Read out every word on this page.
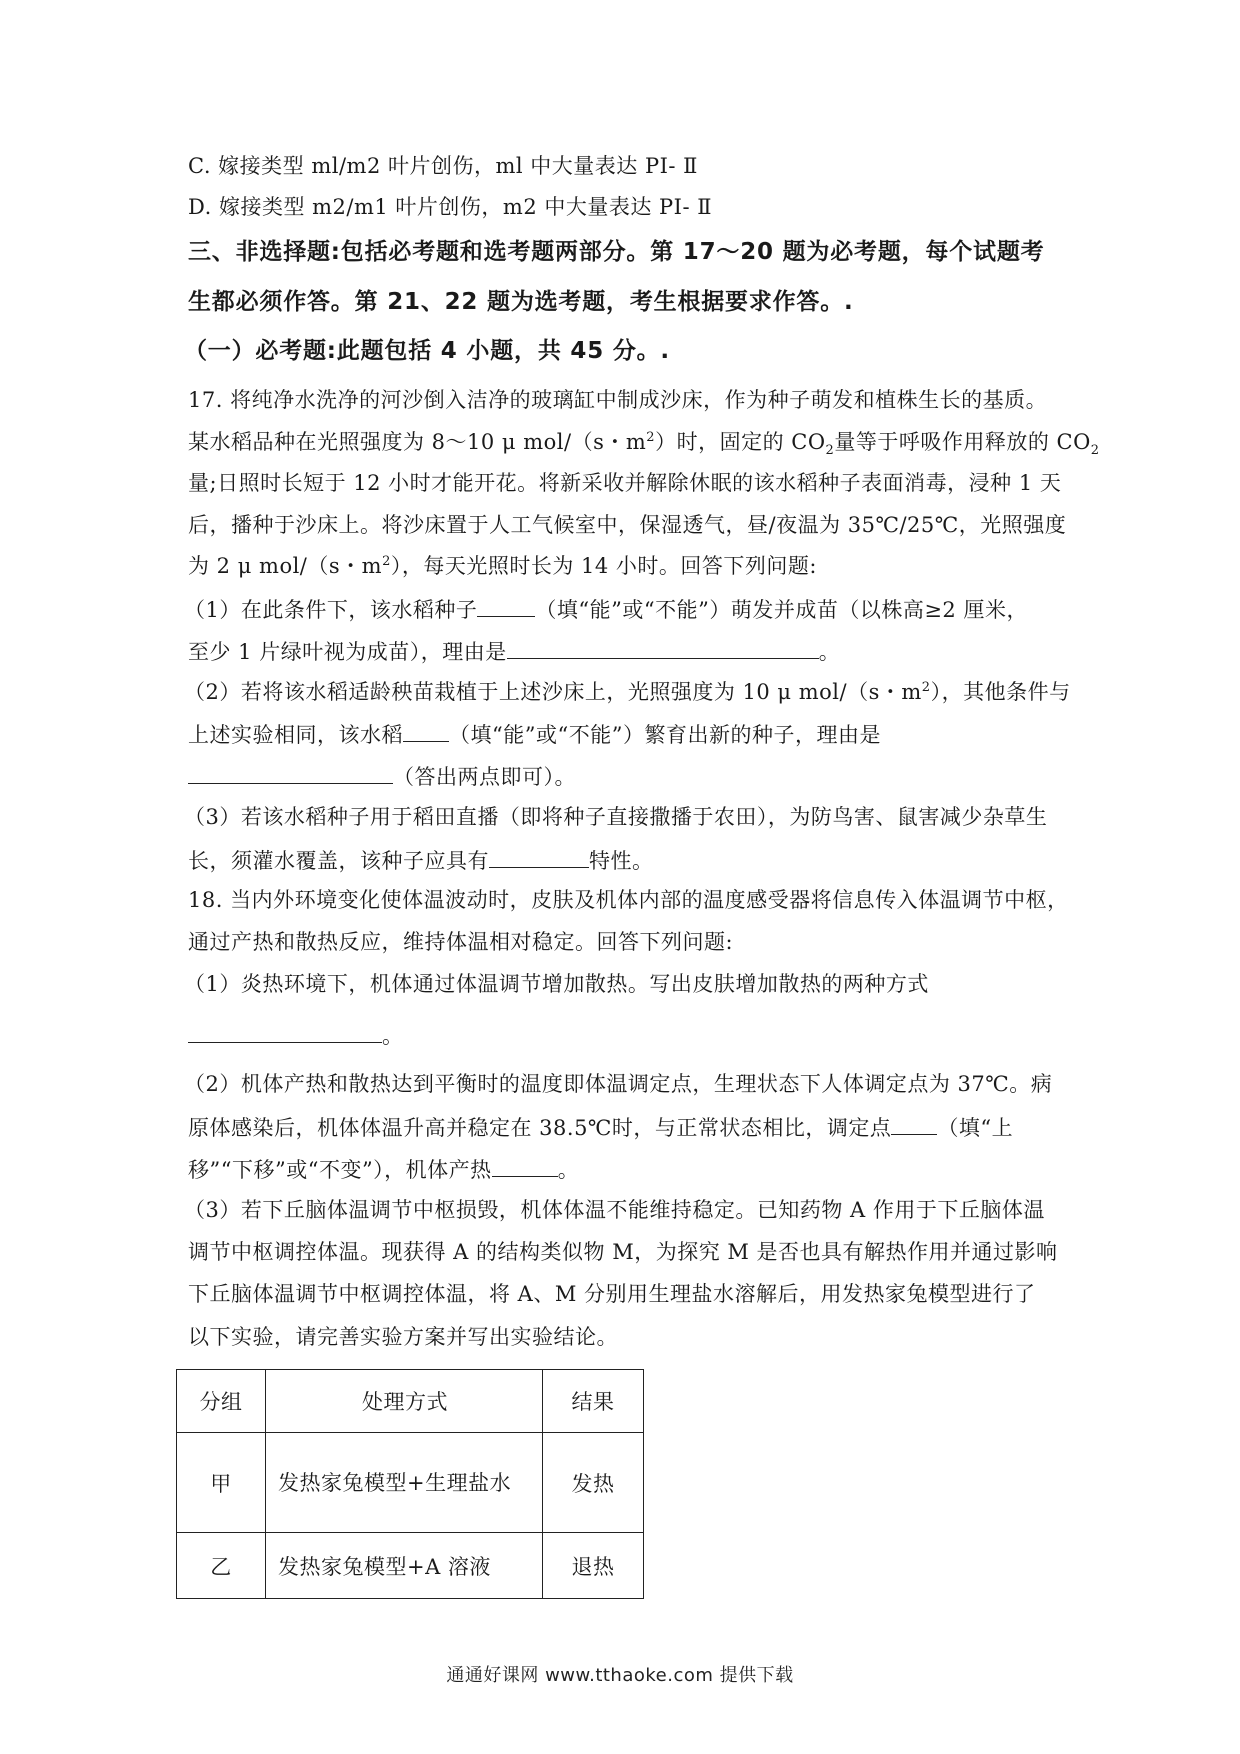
C. 嫁接类型 ml/m2 叶片创伤，ml 中大量表达 PI- Ⅱ
D. 嫁接类型 m2/m1 叶片创伤，m2 中大量表达 PI- Ⅱ
三、非选择题:包括必考题和选考题两部分。第 17～20 题为必考题，每个试题考
生都必须作答。第 21、22 题为选考题，考生根据要求作答。.
（一）必考题:此题包括 4 小题，共 45 分。.
17. 将纯净水洗净的河沙倒入洁净的玻璃缸中制成沙床，作为种子萌发和植株生长的基质。
某水稻品种在光照强度为 8～10 μ mol/（s・$m^2$）时，固定的 $CO_2$量等于呼吸作用释放的 $CO_2$
量;日照时长短于 12 小时才能开花。将新采收并解除休眠的该水稻种子表面消毒，浸种 1 天
后，播种于沙床上。将沙床置于人工气候室中，保湿透气，昼/夜温为 35℃/25℃，光照强度
为 2 μ mol/（s・$m^2$），每天光照时长为 14 小时。回答下列问题:
（1）在此条件下，该水稻种子	（填“能”或“不能”）萌发并成苗（以株高≥2 厘米，
至少 1 片绿叶视为成苗），理由是	。
（2）若将该水稻适龄秧苗栽植于上述沙床上，光照强度为 10 μ mol/（s・$m^2$），其他条件与
上述实验相同，该水稻 （填“能”或“不能”）繁育出新的种子，理由是
（答出两点即可）。
（3）若该水稻种子用于稻田直播（即将种子直接撒播于农田），为防鸟害、鼠害减少杂草生
长，须灌水覆盖，该种子应具有	特性。
18. 当内外环境变化使体温波动时，皮肤及机体内部的温度感受器将信息传入体温调节中枢，
通过产热和散热反应，维持体温相对稳定。回答下列问题:
（1）炎热环境下，机体通过体温调节增加散热。写出皮肤增加散热的两种方式
。
（2）机体产热和散热达到平衡时的温度即体温调定点，生理状态下人体调定点为 37℃。病
原体感染后，机体体温升高并稳定在 38.5℃时，与正常状态相比，调定点 （填“上
移”“下移”或“不变”），机体产热	。
（3）若下丘脑体温调节中枢损毁，机体体温不能维持稳定。已知药物 A 作用于下丘脑体温
调节中枢调控体温。现获得 A 的结构类似物 M，为探究 M 是否也具有解热作用并通过影响
下丘脑体温调节中枢调控体温，将 A、M 分别用生理盐水溶解后，用发热家兔模型进行了
以下实验，请完善实验方案并写出实验结论。
分组	处理方式	结果
甲	发热家兔模型+生理盐水	发热
乙	发热家兔模型+A 溶液	退热
通通好课网 www.tthaoke.com 提供下载
